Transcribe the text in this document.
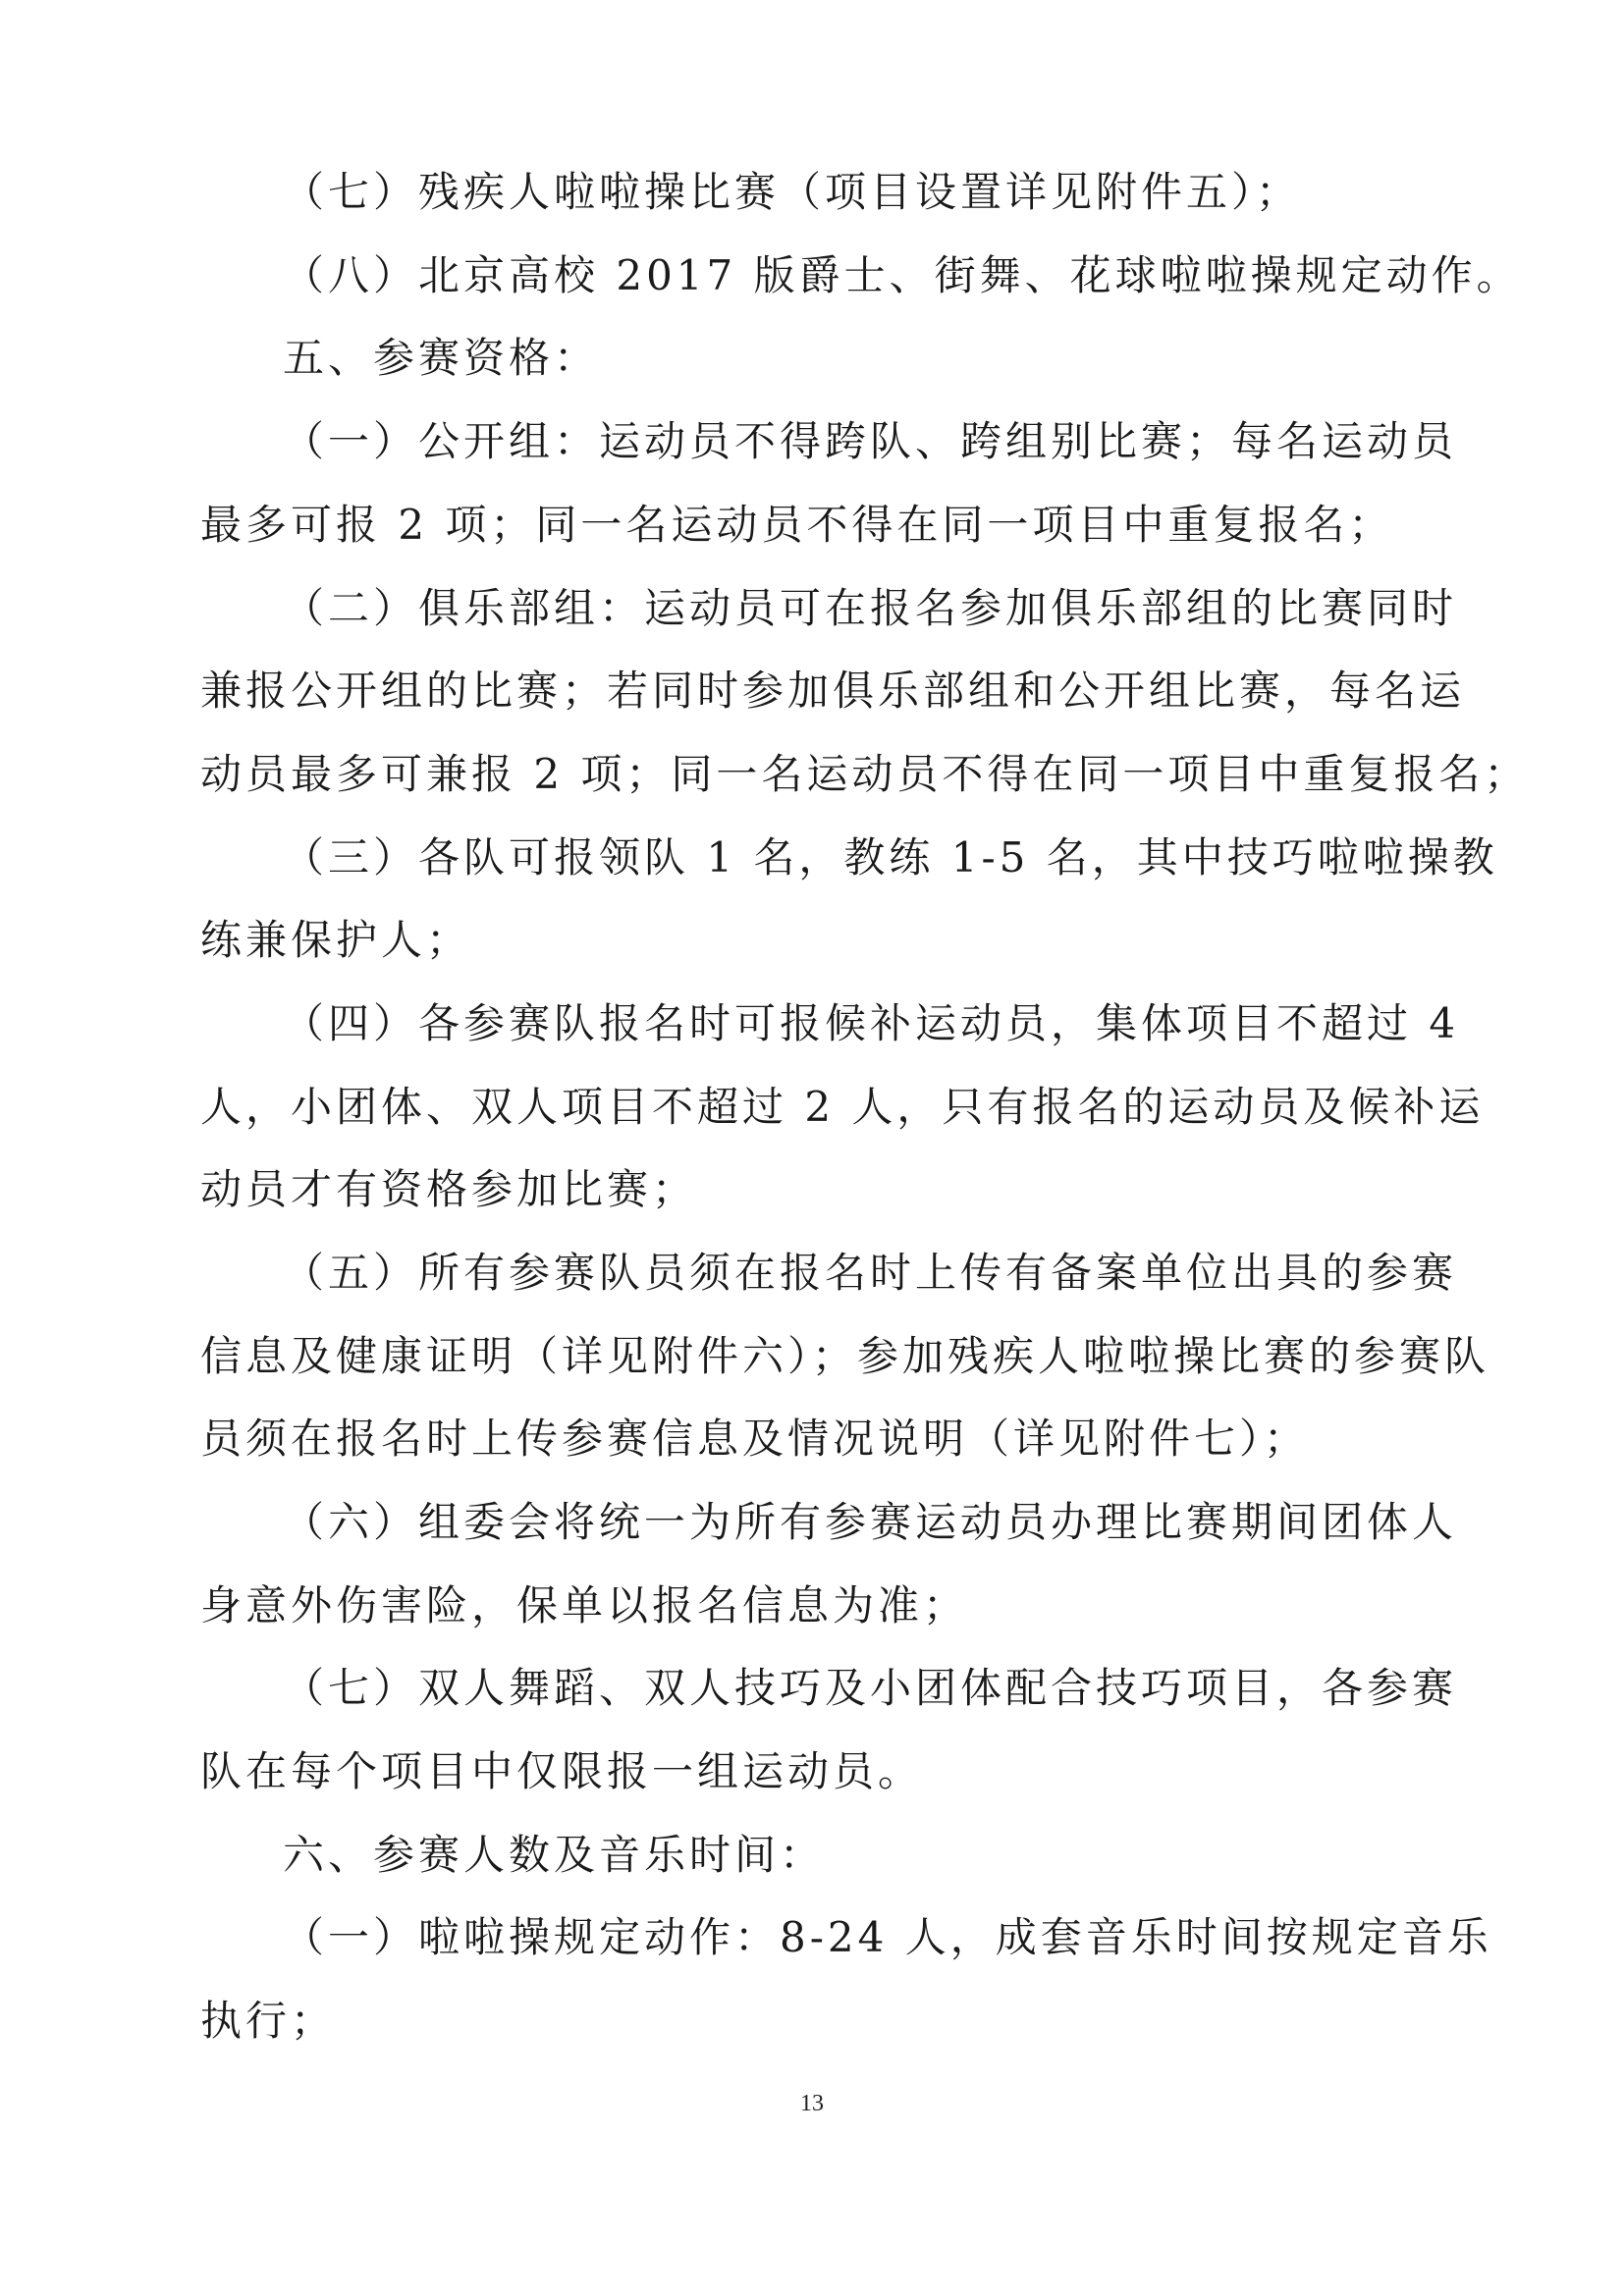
（七）残疾人啦啦操比赛（项目设置详见附件五）；
（八）北京高校 2017 版爵士、街舞、花球啦啦操规定动作。
五、参赛资格：
（一）公开组：运动员不得跨队、跨组别比赛；每名运动员
最多可报 2 项；同一名运动员不得在同一项目中重复报名；
（二）俱乐部组：运动员可在报名参加俱乐部组的比赛同时
兼报公开组的比赛；若同时参加俱乐部组和公开组比赛，每名运
动员最多可兼报 2 项；同一名运动员不得在同一项目中重复报名；
（三）各队可报领队 1 名，教练 1-5 名，其中技巧啦啦操教
练兼保护人；
（四）各参赛队报名时可报候补运动员，集体项目不超过 4
人，小团体、双人项目不超过 2 人，只有报名的运动员及候补运
动员才有资格参加比赛；
（五）所有参赛队员须在报名时上传有备案单位出具的参赛
信息及健康证明（详见附件六）；参加残疾人啦啦操比赛的参赛队
员须在报名时上传参赛信息及情况说明（详见附件七）；
（六）组委会将统一为所有参赛运动员办理比赛期间团体人
身意外伤害险，保单以报名信息为准；
（七）双人舞蹈、双人技巧及小团体配合技巧项目，各参赛
队在每个项目中仅限报一组运动员。
六、参赛人数及音乐时间：
（一）啦啦操规定动作：8-24 人，成套音乐时间按规定音乐
执行；
13
